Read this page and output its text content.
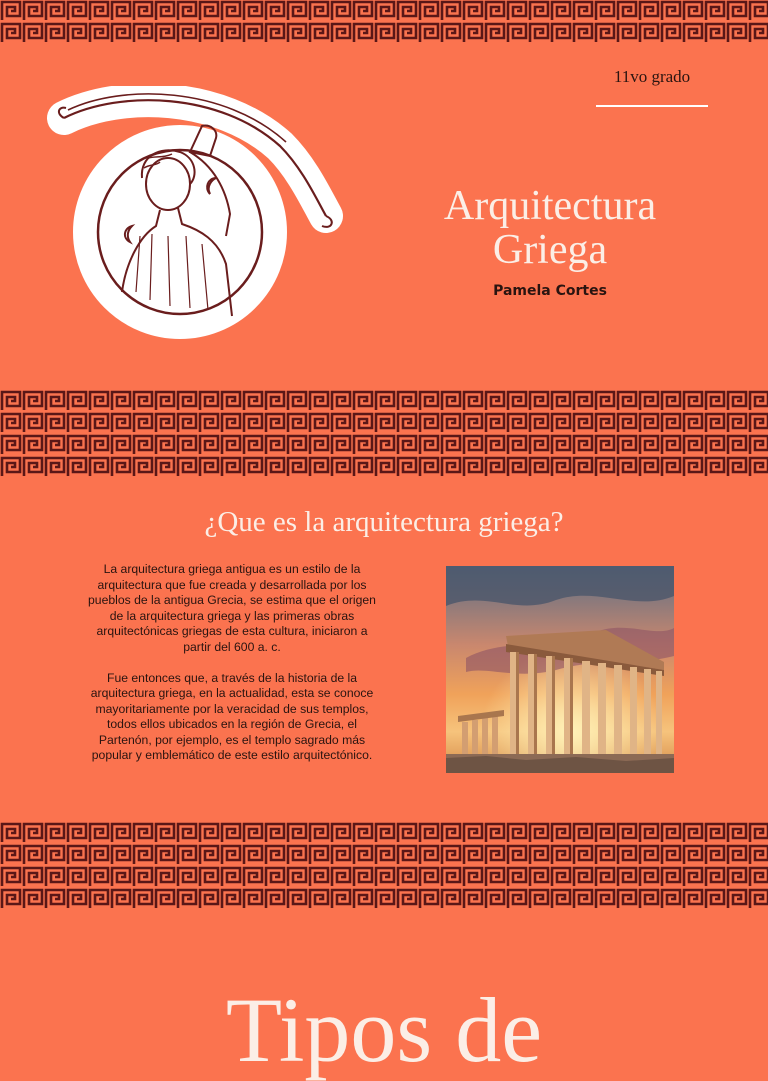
11vo grado
Arquitectura Griega
Pamela Cortes
¿Que es la arquitectura griega?

La arquitectura griega antigua es un estilo de la arquitectura que fue creada y desarrollada por los pueblos de la antigua Grecia, se estima que el origen de la arquitectura griega y las primeras obras arquitectónicas griegas de esta cultura, iniciaron a partir del 600 a. c.

Fue entonces que, a través de la historia de la arquitectura griega, en la actualidad, esta se conoce mayoritariamente por la veracidad de sus templos, todos ellos ubicados en la región de Grecia, el Partenón, por ejemplo, es el templo sagrado más popular y emblemático de este estilo arquitectónico.

Tipos de
